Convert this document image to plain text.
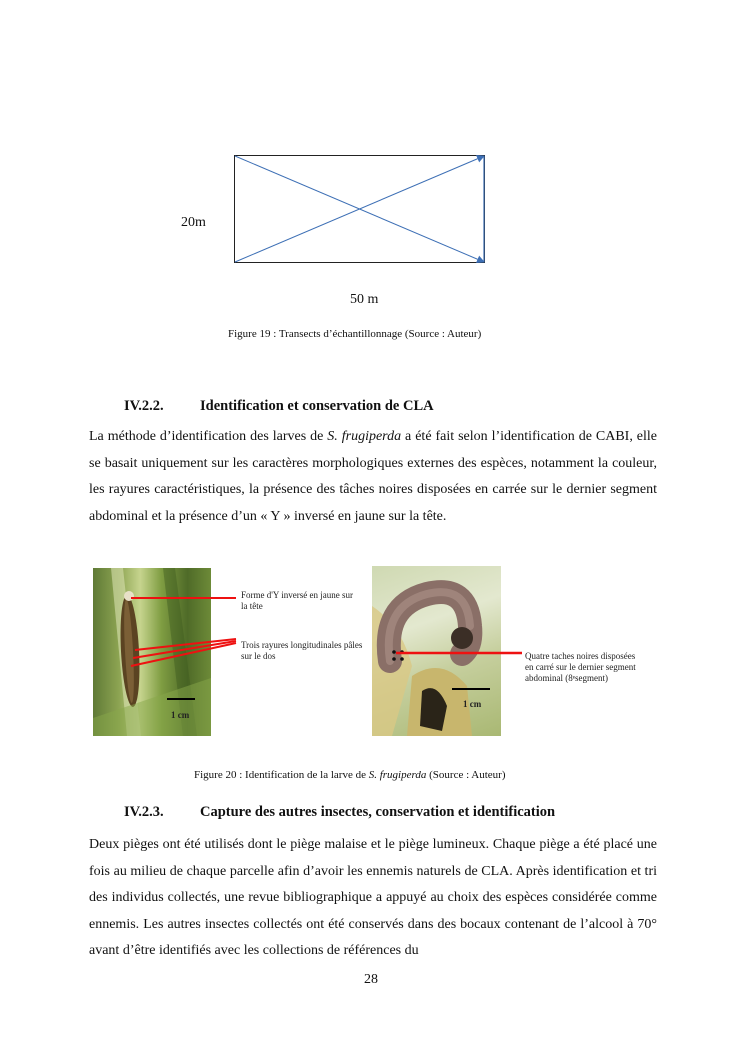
20m
50 m
Figure 19 : Transects d’échantillonnage (Source : Auteur)
IV.2.2.	Identification et conservation de CLA

La méthode d’identification des larves de S. frugiperda a été fait selon l’identification de CABI, elle se basait uniquement sur les caractères morphologiques externes des espèces, notamment la couleur, les rayures caractéristiques, la présence des tâches noires disposées en carrée sur le dernier segment abdominal et la présence d’un « Y » inversé en jaune sur la tête.

1 cm
Forme d'Y inversé en jaune sur la tête
Trois rayures longitudinales pâles sur le dos
1 cm
Quatre taches noires disposées en carré sur le dernier segment abdominal (8ᵉsegment)
Figure 20 : Identification de la larve de S. frugiperda (Source : Auteur)
IV.2.3.	Capture des autres insectes, conservation et identification

Deux pièges ont été utilisés dont le piège malaise et le piège lumineux. Chaque piège a été placé une fois au milieu de chaque parcelle afin d’avoir les ennemis naturels de CLA. Après identification et tri des individus collectés, une revue bibliographique a appuyé au choix des espèces considérée comme ennemis. Les autres insectes collectés ont été conservés dans des bocaux contenant de l’alcool à 70° avant d’être identifiés avec les collections de références du

28
